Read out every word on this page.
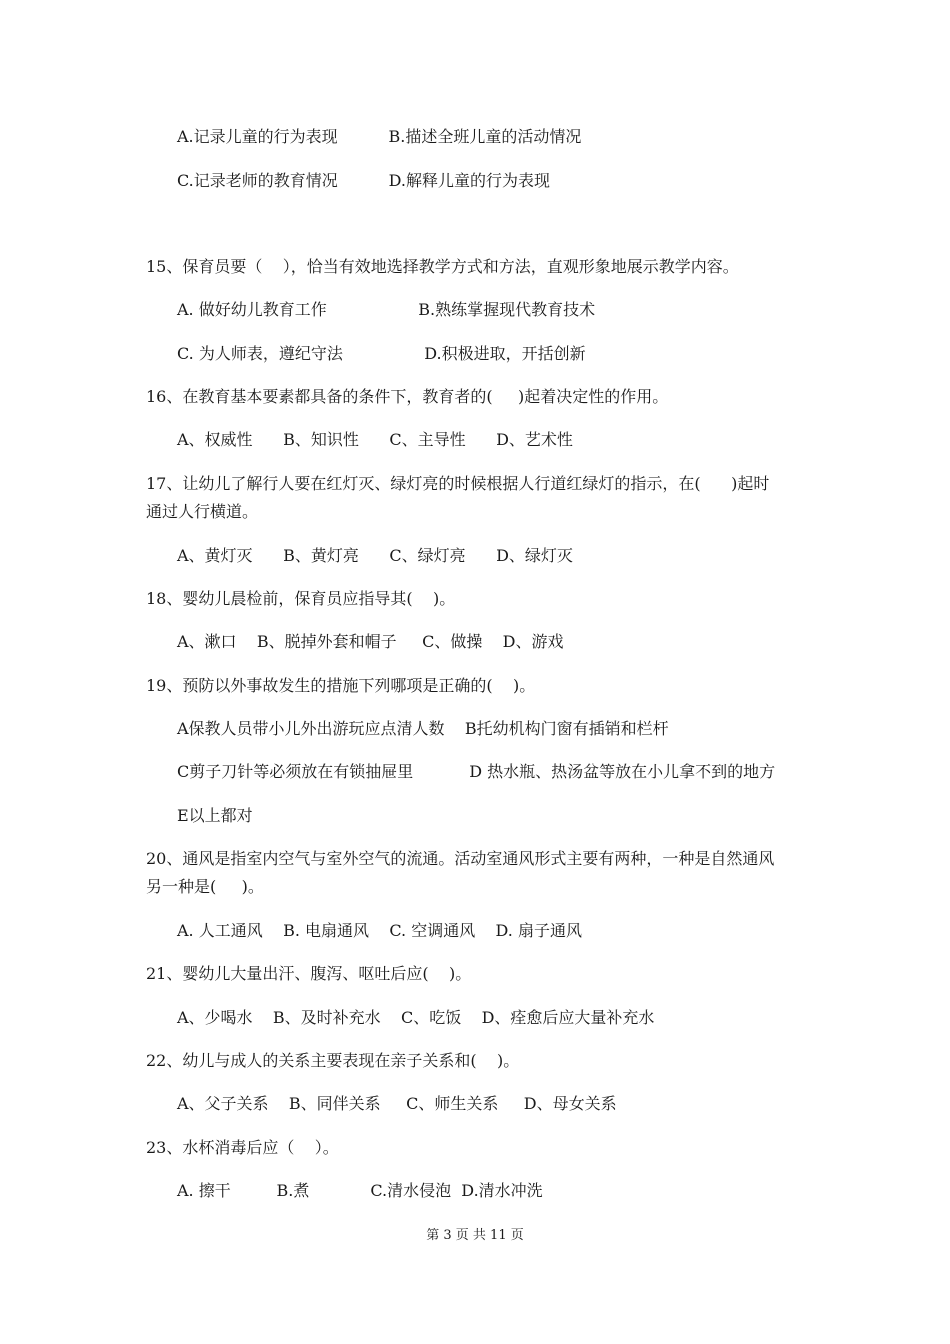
A.记录儿童的行为表现          B.描述全班儿童的活动情况
C.记录老师的教育情况          D.解释儿童的行为表现
15、保育员要（    ），恰当有效地选择教学方式和方法，直观形象地展示教学内容。
A. 做好幼儿教育工作                  B.熟练掌握现代教育技术
C. 为人师表，遵纪守法                D.积极进取，开括创新
16、在教育基本要素都具备的条件下，教育者的(     )起着决定性的作用。
A、权威性      B、知识性      C、主导性      D、艺术性
17、让幼儿了解行人要在红灯灭、绿灯亮的时候根据人行道红绿灯的指示，在(      )起时
通过人行横道。
A、黄灯灭      B、黄灯亮      C、绿灯亮      D、绿灯灭
18、婴幼儿晨检前，保育员应指导其(    )。
A、漱口    B、脱掉外套和帽子     C、做操    D、游戏
19、预防以外事故发生的措施下列哪项是正确的(    )。
A保教人员带小儿外出游玩应点清人数    B托幼机构门窗有插销和栏杆
C剪子刀针等必须放在有锁抽屉里           D 热水瓶、热汤盆等放在小儿拿不到的地方
E以上都对
20、通风是指室内空气与室外空气的流通。活动室通风形式主要有两种，一种是自然通风
另一种是(     )。
A. 人工通风    B. 电扇通风    C. 空调通风    D. 扇子通风
21、婴幼儿大量出汗、腹泻、呕吐后应(    )。
A、少喝水    B、及时补充水    C、吃饭    D、痊愈后应大量补充水
22、幼儿与成人的关系主要表现在亲子关系和(    )。
A、父子关系    B、同伴关系     C、师生关系     D、母女关系
23、水杯消毒后应（    ）。
A. 擦干         B.煮            C.清水侵泡  D.清水冲洗
第 3 页 共 11 页
